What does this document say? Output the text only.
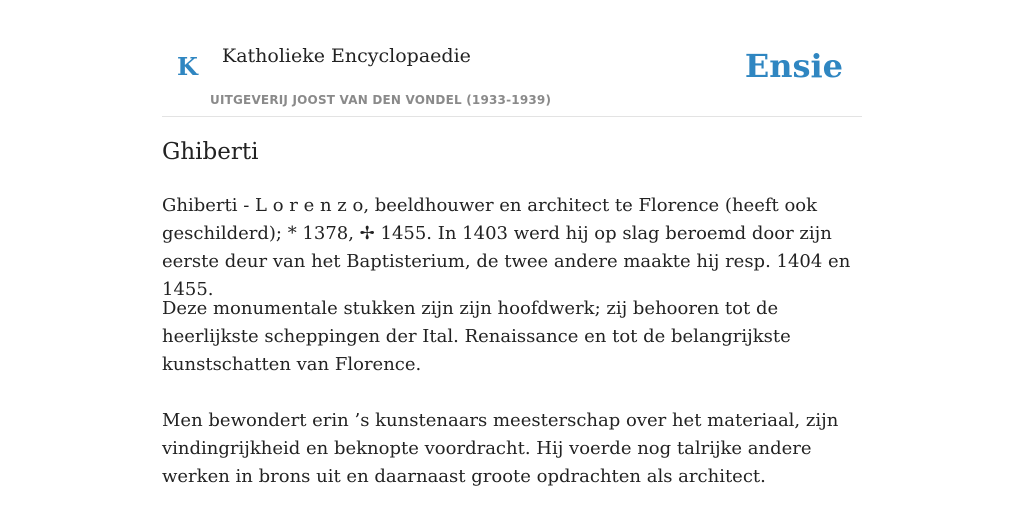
K Katholieke Encyclopaedie
UITGEVERIJ JOOST VAN DEN VONDEL (1933-1939)
Ensie
Ghiberti

Ghiberti - L o r e n z o, beeldhouwer en architect te Florence (heeft ook geschilderd); * 1378, ✢ 1455. In 1403 werd hij op slag beroemd door zijn eerste deur van het Baptisterium, de twee andere maakte hij resp. 1404 en 1455.

Deze monumentale stukken zijn zijn hoofdwerk; zij behooren tot de heerlijkste scheppingen der Ital. Renaissance en tot de belangrijkste kunstschatten van Florence.

Men bewondert erin ’s kunstenaars meesterschap over het materiaal, zijn vindingrijkheid en beknopte voordracht. Hij voerde nog talrijke andere werken in brons uit en daarnaast groote opdrachten als architect.
